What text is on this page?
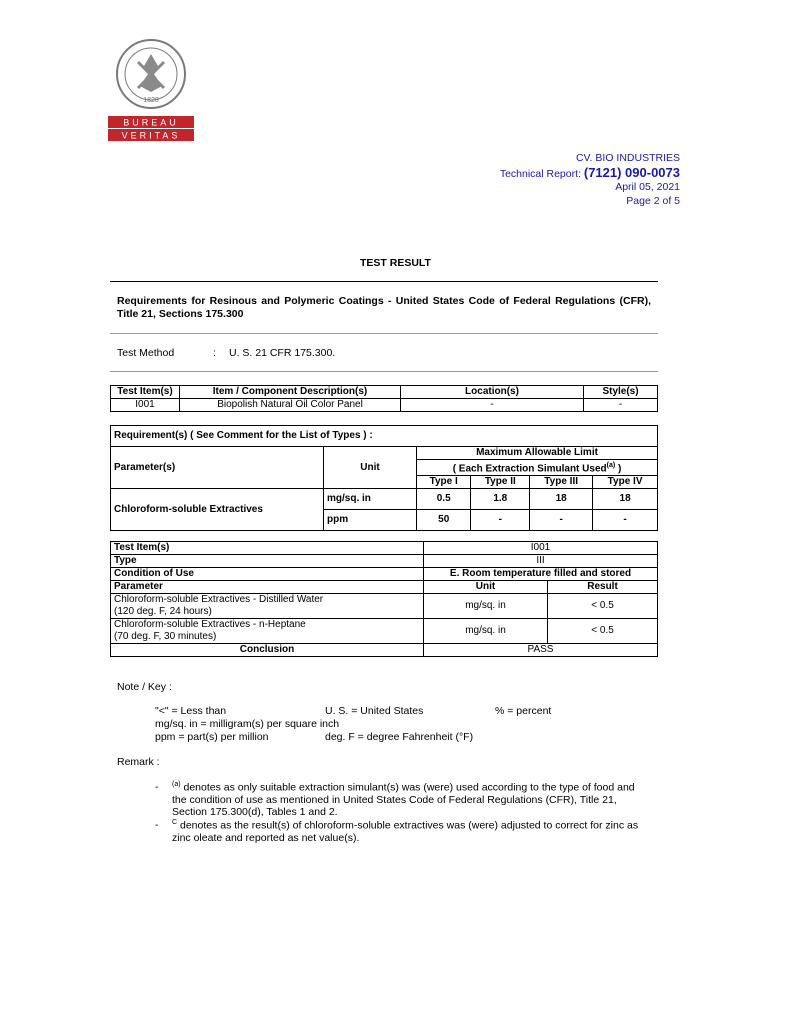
1828
BUREAU
VERITAS
CV. BIO INDUSTRIES
Technical Report: (7121) 090-0073
April 05, 2021
Page 2 of 5
TEST RESULT
Requirements for Resinous and Polymeric Coatings - United States Code of Federal Regulations (CFR), Title 21, Sections 175.300
Test Method	: U. S. 21 CFR 175.300.
Test Item(s)	Item / Component Description(s)	Location(s)	Style(s)
I001	Biopolish Natural Oil Color Panel	-	-
Requirement(s) ( See Comment for the List of Types ) :					
Parameter(s)	Unit	Maximum Allowable Limit			
		( Each Extraction Simulant Used$^{(a)}$ )			
		Type I	Type II	Type III	Type IV
Chloroform-soluble Extractives	mg/sq. in	0.5	1.8	18	18
	ppm	50	-	-	-
Test Item(s)	I001	
Type	III	
Condition of Use	E. Room temperature filled and stored	
Parameter	Unit	Result

Chloroform-soluble Extractives - Distilled Water
(120 deg. F, 24 hours)	mg/sq. in	< 0.5

Chloroform-soluble Extractives - n-Heptane
(70 deg. F, 30 minutes)	mg/sq. in	< 0.5
Conclusion	PASS	
Note / Key :
"<" = Less than	U. S. = United States	% = percent
mg/sq. in = milligram(s) per square inch
ppm = part(s) per million	deg. F = degree Fahrenheit (°F)
Remark :
- $^{(a)}$ denotes as only suitable extraction simulant(s) was (were) used according to the type of food and the condition of use as mentioned in United States Code of Federal Regulations (CFR), Title 21, Section 175.300(d), Tables 1 and 2.
- $^C$ denotes as the result(s) of chloroform-soluble extractives was (were) adjusted to correct for zinc as zinc oleate and reported as net value(s).
